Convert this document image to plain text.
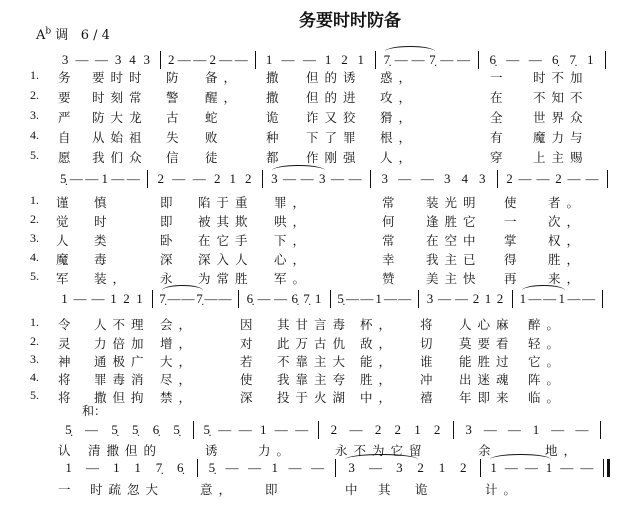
务要时时防备
$A^b$ 调 6 / 4
和：
3 — — 3 4 3 2 — — 2 — — 1 — — 1 2 1 7̣ — — 7̣ — — 6̣ — — 6̣ 7̣ 1
1. 务 要时时 防 备， 撒 但的诱 惑，	一 时不加
2. 要 时刻常 警 醒， 撒 但的进 攻，	在 不知不
3. 严 防大龙 古 蛇	诡 诈又狡 猾，	全 世界众
4. 自 从始祖 失 败	种 下了罪 根，	有 魔力与
5. 愿 我们众 信 徒	都 作刚强 人，	穿 上主赐
5̣ — — 1 — — 2 — — 2 1 2 3 — — 3 — — 3 — — 3 4 3 2 — — 2 — —
1. 谨 慎	即 陷于重 罪，	常 装光明 使 者。
2. 觉 时	即 被其欺 哄，	何 逢胜它 一 次，
3. 人 类	卧 在它手 下，	常 在空中 掌 权，
4. 魔 毒	深 深入人 心，	幸 我主已 得 胜，
5. 军 装， 永 为常胜 军。	赞 美主快 再 来，
1 — — 1 2 1 7̣ — — 7̣ — — 6̣ — — 6̣ 7̣ 1 5̣ — — 1 — — 3 — — 2 1 2 1 — — 1 — —
1. 令 人不理 会，	因 其甘言毒 杯， 将 人心麻 醉。
2. 灵 力倍加 增，	对 此万古仇 敌， 切 莫要看 轻。
3. 神 通极广 大，	若 不靠主大 能， 谁 能胜过 它。
4. 将 罪毒消 尽，	使 我靠主夸 胜， 冲 出迷魂 阵。
5. 将 撒但拘 禁，	深 投于火湖 中， 禧 年即来 临。
5̣ — 5̣ 5̣ 6̣ 5̣ 5̣ — — 1 — — 2 — 2 2 1 2 3 — — 1 — —
认 清撒但的	诱	力。	永不为它留	余	地，
1 — 1 1 7̣ 6̣ 5̣ — — 1 — — 3 — 3 2 1 2 1 — — 1 — —
一 时疏忽大	意， 即	中 其 诡	计。
